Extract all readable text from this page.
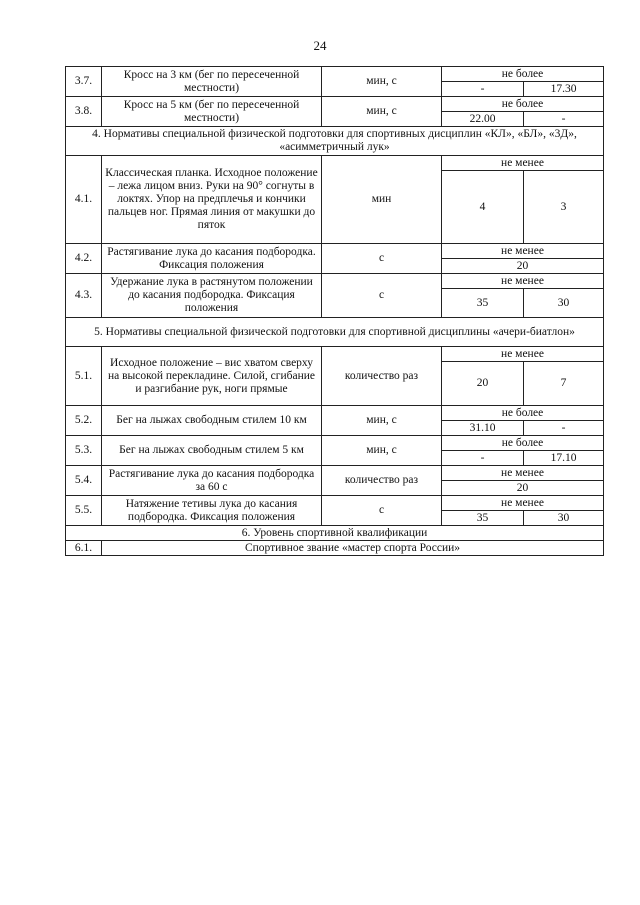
24
3.7.	Кросс на 3 км (бег по пересеченной местности)	мин, с	не более	
			-	17.30
3.8.	Кросс на 5 км (бег по пересеченной местности)	мин, с	не более	
			22.00	-
4. Нормативы специальной физической подготовки для спортивных дисциплин «КЛ», «БЛ», «3Д», «асимметричный лук»				
4.1.	Классическая планка. Исходное положение – лежа лицом вниз. Руки на 90° согнуты в локтях. Упор на предплечья и кончики пальцев ног. Прямая линия от макушки до пяток	мин	не менее	
			4	3
4.2.	Растягивание лука до касания подбородка. Фиксация положения	с	не менее	
			20	
4.3.	Удержание лука в растянутом положении до касания подбородка. Фиксация положения	с	не менее	
			35	30
5. Нормативы специальной физической подготовки для спортивной дисциплины «ачери-биатлон»				
5.1.	Исходное положение – вис хватом сверху на высокой перекладине. Силой, сгибание и разгибание рук, ноги прямые	количество раз	не менее	
			20	7
5.2.	Бег на лыжах свободным стилем 10 км	мин, с	не более	
			31.10	-
5.3.	Бег на лыжах свободным стилем 5 км	мин, с	не более	
			-	17.10
5.4.	Растягивание лука до касания подбородка за 60 с	количество раз	не менее	
			20	
5.5.	Натяжение тетивы лука до касания подбородка. Фиксация положения	с	не менее	
			35	30
6. Уровень спортивной квалификации				
6.1.	Спортивное звание «мастер спорта России»			
